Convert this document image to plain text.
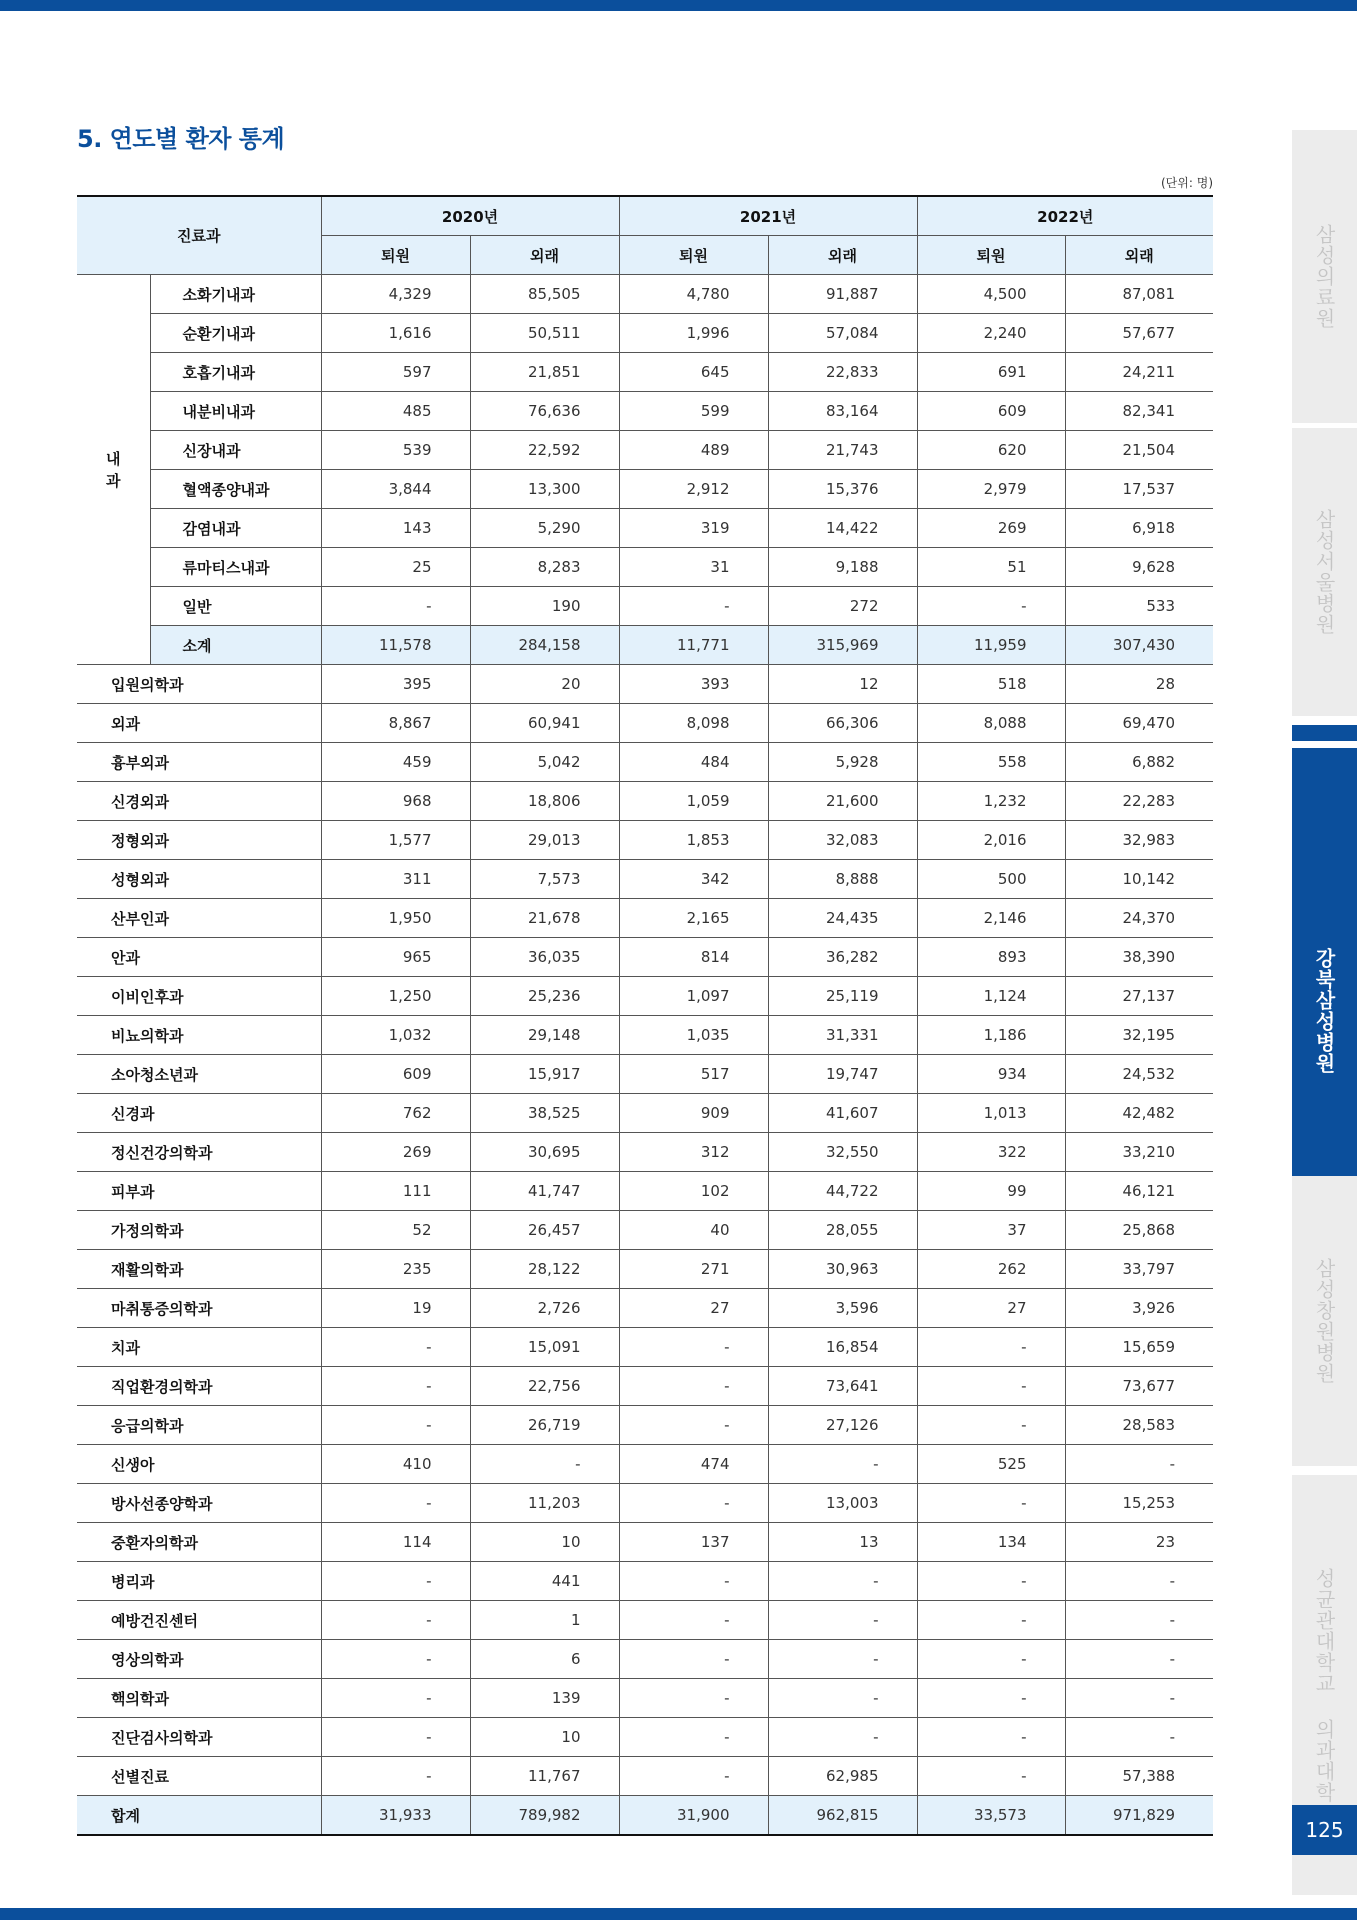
5. 연도별 환자 통계
(단위: 명)
진료과		2020년		2021년		2022년	
		퇴원	외래	퇴원	외래	퇴원	외래
내
과	소화기내과	4,329	85,505	4,780	91,887	4,500	87,081
	순환기내과	1,616	50,511	1,996	57,084	2,240	57,677
	호흡기내과	597	21,851	645	22,833	691	24,211
	내분비내과	485	76,636	599	83,164	609	82,341
	신장내과	539	22,592	489	21,743	620	21,504
	혈액종양내과	3,844	13,300	2,912	15,376	2,979	17,537
	감염내과	143	5,290	319	14,422	269	6,918
	류마티스내과	25	8,283	31	9,188	51	9,628
	일반	-	190	-	272	-	533
	소계	11,578	284,158	11,771	315,969	11,959	307,430
입원의학과		395	20	393	12	518	28
외과		8,867	60,941	8,098	66,306	8,088	69,470
흉부외과		459	5,042	484	5,928	558	6,882
신경외과		968	18,806	1,059	21,600	1,232	22,283
정형외과		1,577	29,013	1,853	32,083	2,016	32,983
성형외과		311	7,573	342	8,888	500	10,142
산부인과		1,950	21,678	2,165	24,435	2,146	24,370
안과		965	36,035	814	36,282	893	38,390
이비인후과		1,250	25,236	1,097	25,119	1,124	27,137
비뇨의학과		1,032	29,148	1,035	31,331	1,186	32,195
소아청소년과		609	15,917	517	19,747	934	24,532
신경과		762	38,525	909	41,607	1,013	42,482
정신건강의학과		269	30,695	312	32,550	322	33,210
피부과		111	41,747	102	44,722	99	46,121
가정의학과		52	26,457	40	28,055	37	25,868
재활의학과		235	28,122	271	30,963	262	33,797
마취통증의학과		19	2,726	27	3,596	27	3,926
치과		-	15,091	-	16,854	-	15,659
직업환경의학과		-	22,756	-	73,641	-	73,677
응급의학과		-	26,719	-	27,126	-	28,583
신생아		410	-	474	-	525	-
방사선종양학과		-	11,203	-	13,003	-	15,253
중환자의학과		114	10	137	13	134	23
병리과		-	441	-	-	-	-
예방건진센터		-	1	-	-	-	-
영상의학과		-	6	-	-	-	-
핵의학과		-	139	-	-	-	-
진단검사의학과		-	10	-	-	-	-
선별진료		-	11,767	-	62,985	-	57,388
합계		31,933	789,982	31,900	962,815	33,573	971,829
삼성의료원
삼성서울병원
강북삼성병원
삼성창원병원
성균관대학교 의과대학
125
